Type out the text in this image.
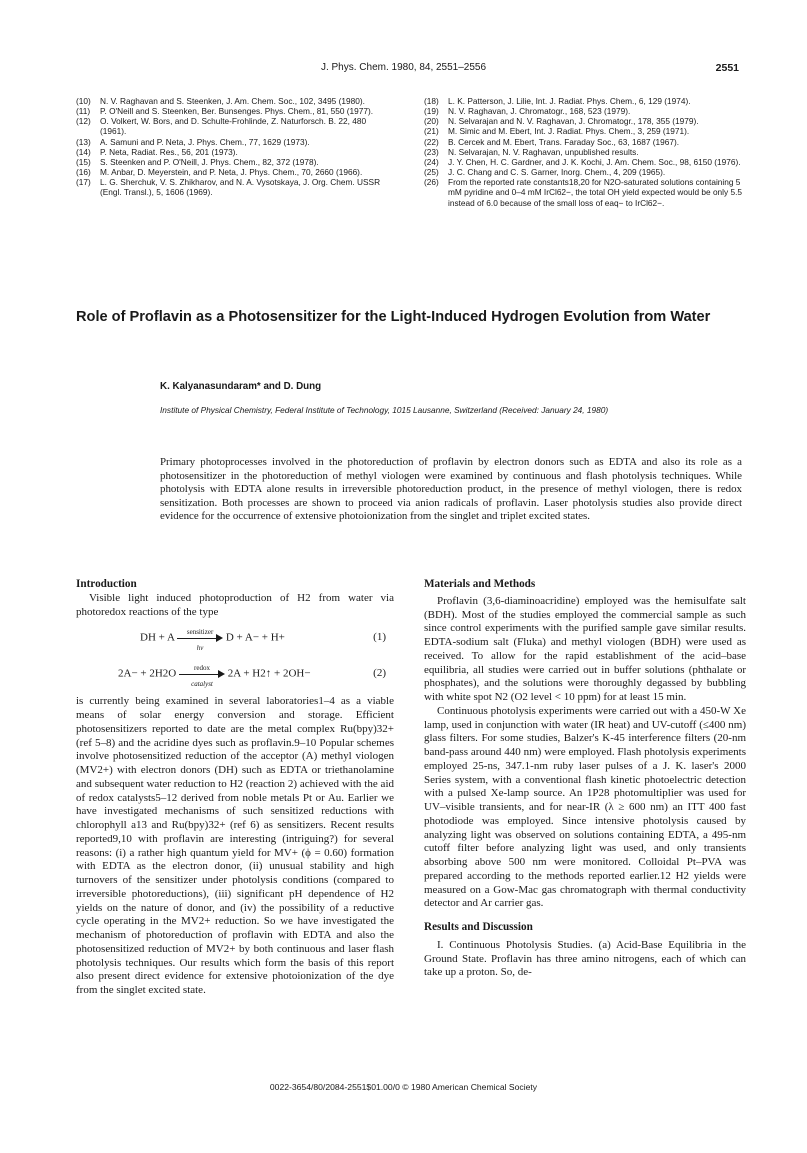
J. Phys. Chem. 1980, 84, 2551–2556	2551
(10) N. V. Raghavan and S. Steenken, J. Am. Chem. Soc., 102, 3495 (1980).
(11) P. O'Neill and S. Steenken, Ber. Bunsenges. Phys. Chem., 81, 550 (1977).
(12) O. Volkert, W. Bors, and D. Schulte-Frohlinde, Z. Naturforsch. B. 22, 480 (1961).
(13) A. Samuni and P. Neta, J. Phys. Chem., 77, 1629 (1973).
(14) P. Neta, Radiat. Res., 56, 201 (1973).
(15) S. Steenken and P. O'Neill, J. Phys. Chem., 82, 372 (1978).
(16) M. Anbar, D. Meyerstein, and P. Neta, J. Phys. Chem., 70, 2660 (1966).
(17) L. G. Sherchuk, V. S. Zhikharov, and N. A. Vysotskaya, J. Org. Chem. USSR (Engl. Transl.), 5, 1606 (1969).
(18) L. K. Patterson, J. Lilie, Int. J. Radiat. Phys. Chem., 6, 129 (1974).
(19) N. V. Raghavan, J. Chromatogr., 168, 523 (1979).
(20) N. Selvarajan and N. V. Raghavan, J. Chromatogr., 178, 355 (1979).
(21) M. Simic and M. Ebert, Int. J. Radiat. Phys. Chem., 3, 259 (1971).
(22) B. Cercek and M. Ebert, Trans. Faraday Soc., 63, 1687 (1967).
(23) N. Selvarajan, N. V. Raghavan, unpublished results.
(24) J. Y. Chen, H. C. Gardner, and J. K. Kochi, J. Am. Chem. Soc., 98, 6150 (1976).
(25) J. C. Chang and C. S. Garner, Inorg. Chem., 4, 209 (1965).
(26) From the reported rate constants18,20 for N2O-saturated solutions containing 5 mM pyridine and 0–4 mM IrCl62−, the total OH yield expected would be only 5.5 instead of 6.0 because of the small loss of eaq− to IrCl62−.
Role of Proflavin as a Photosensitizer for the Light-Induced Hydrogen Evolution from Water
K. Kalyanasundaram* and D. Dung
Institute of Physical Chemistry, Federal Institute of Technology, 1015 Lausanne, Switzerland (Received: January 24, 1980)

Primary photoprocesses involved in the photoreduction of proflavin by electron donors such as EDTA and also its role as a photosensitizer in the photoreduction of methyl viologen were examined by continuous and flash photolysis techniques. While photolysis with EDTA alone results in irreversible photoreduction product, in the presence of methyl viologen, there is redox sensitization. Both processes are shown to proceed via anion radicals of proflavin. Laser photolysis studies also provide direct evidence for the occurrence of extensive photoionization from the singlet and triplet excited states.

Introduction

Visible light induced photoproduction of H2 from water via photoredox reactions of the type

DH + A	sensitizer
hν
D + A− + H+	(1)
2A− + 2H2O	redox
catalyst
2A + H2↑ + 2OH−	(2)

is currently being examined in several laboratories1–4 as a viable means of solar energy conversion and storage. Efficient photosensitizers reported to date are the metal complex Ru(bpy)32+ (ref 5–8) and the acridine dyes such as proflavin.9–10 Popular schemes involve photosensitized reduction of the acceptor (A) methyl viologen (MV2+) with electron donors (DH) such as EDTA or triethanolamine and subsequent water reduction to H2 (reaction 2) achieved with the aid of redox catalysts5–12 derived from noble metals Pt or Au. Earlier we have investigated mechanisms of such sensitized reductions with chlorophyll a13 and Ru(bpy)32+ (ref 6) as sensitizers. Recent results reported9,10 with proflavin are interesting (intriguing?) for several reasons: (i) a rather high quantum yield for MV+ (ϕ = 0.60) formation with EDTA as the electron donor, (ii) unusual stability and high turnovers of the sensitizer under photolysis conditions (compared to irreversible photoreductions), (iii) significant pH dependence of H2 yields on the nature of donor, and (iv) the possibility of a reductive cycle operating in the MV2+ reduction. So we have investigated the mechanism of photoreduction of proflavin with EDTA and also the photosensitized reduction of MV2+ by both continuous and laser flash photolysis techniques. Our results which form the basis of this report also present direct evidence for extensive photoionization of the dye from the singlet excited state.

Materials and Methods

Proflavin (3,6-diaminoacridine) employed was the hemisulfate salt (BDH). Most of the studies employed the commercial sample as such since control experiments with the purified sample gave similar results. EDTA-sodium salt (Fluka) and methyl viologen (BDH) were used as received. To allow for the rapid establishment of the acid–base equilibria, all studies were carried out in buffer solutions (phthalate or phosphates), and the solutions were thoroughly degassed by bubbling with white spot N2 (O2 level < 10 ppm) for at least 15 min.

Continuous photolysis experiments were carried out with a 450-W Xe lamp, used in conjunction with water (IR heat) and UV-cutoff (≤400 nm) glass filters. For some studies, Balzer's K-45 interference filters (20-nm band-pass around 440 nm) were employed. Flash photolysis experiments employed 25-ns, 347.1-nm ruby laser pulses of a J. K. laser's 2000 Series system, with a conventional flash kinetic photoelectric detection with a pulsed Xe-lamp source. An 1P28 photomultiplier was used for UV–visible transients, and for near-IR (λ ≥ 600 nm) an ITT 400 fast photodiode was employed. Since intensive photolysis caused by analyzing light was observed on solutions containing EDTA, a 495-nm cutoff filter before analyzing light was used, and only transients absorbing above 500 nm were monitored. Colloidal Pt–PVA was prepared according to the methods reported earlier.12 H2 yields were measured on a Gow-Mac gas chromatograph with thermal conductivity detector and Ar carrier gas.

Results and Discussion

I. Continuous Photolysis Studies. (a) Acid-Base Equilibria in the Ground State. Proflavin has three amino nitrogens, each of which can take up a proton. So, de-

0022-3654/80/2084-2551$01.00/0 © 1980 American Chemical Society
